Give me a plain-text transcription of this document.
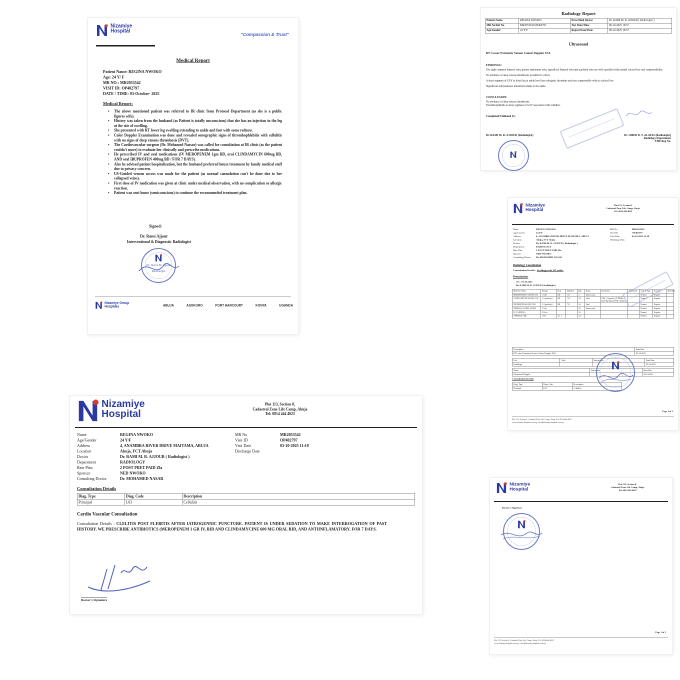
Nizamiye
Hospital
"Compassion & Trust"
Medical Report
Patient Name: REGINA NWOKO
Age: 24 Y/ F
MR NO.: MR2053542
VISIT ID: OP402797
DATE / TIME: 03-October- 2025
Medical Report:
• The above mentioned patient was referred to IR clinic from Protocol Department (as she is a public figures wife).
• History was taken from the husband (as Patient is totally unconscious) that she has an injection in the leg at the site of swelling.
• She presented with RT lower leg swelling extending to ankle and foot with some redness.
• Color Doppler Examination was done and revealed sonographic signs of thrombophlebitis with cellulitis with no signs of deep venous thrombosis (DVT).
• The Cardiovascular surgeon (Dr. Mohamed Nassar) was called for consultation at IR clinic (as the patient couldn't move) to evaluate her clinically and prescribe medications.
• He prescribed IV and oral medications (IV MEROPENEM 1gm BD, oral CLINDAMYCIN 600mg BD, AND oral IBUPROFEN 400mg BD / FOR 7 DAYS).
• Also he advised patient hospitalization, but the husband preferred house treatment by family medical staff due to privacy concern.
• US-Guided venous access was made for the patient (as normal cannulation can't be done due to her collapsed veins).
• First dose of IV medication was given at clinic under medical observation, with no complication or allergic reaction.
• Patient was sent home (semiconscious) to continue the recommended treatment plan.
Signed:
Dr. Rami Ajjour
Interventional & Diagnostic Radiologist
Dr. Rami M. Ajjour
Radiologist
Nizamiye Group
Hospitals	ABUJA ASOKORO PORT HARCOURT KONYA UGANDA
Radiology Report
Patient Name	REGINA NWOKO	Prescribed Doctor	Dr. RAMI M. R. AJJOUR ( Radiologist )
MR No/Ref No.	MR2053542/OP402797	Test Date/Time	06-10-2025 16:37
Age/Gender	24 Y/F	Report Date/Time	06-10-2025 16:37
Ultrasound
RT. Lower Extremity Venous Colour Doppler USS
FINDINGS:
The right common femoral vein, greater saphenous vein, superficial femoral vein and popliteal vein are well opacified with normal colour flow and compressibility.
No evidence of deep venous thrombosis proximal to calves.
A short segment of GSV at distal leg at ankle level has echogenic thrombus and non compressible with no colour flow.
Significant subcutaneous interstitial edema at the ankle.
CONCLUSION:
No evidence of deep venous thrombosis.
Thrombophlebitis at short segment of GSV associated with cellulitis.
Completed/Validated by:
Dr. RAMI M. R. AJJOUR (Radiologist)	Dr. OMER B. T. ALATAS (Radiologist)
Radiology Department
THE Reg No.
Nizamiye
Hospital
Plot 113, Section 8,
Cadastral Zone Life Camp, Abuja
Tel: 0814 444 4023
Name	REGINA NWOKO
Age/Gender	24 Y/F
Address	4, ANAMBRA RIVER DRIVE MAITAMA, ABUJA
Location	Abuja, FCT Abuja
Doctor	Dr. RAMI M. R. AJJOUR ( Radiologist )
Department	RADIOLOGY
Rate Plan	2 POST PRET PAID Zla
Sponsor	NED NWOKO
Consulting Doctor	Dr. MOHAMED NASAR
MR No	MR2053542
Visit ID	OP402797
Visit Date	03-10-2025 11:18
Discharge Date
Radiology Consultation
Consultation Details : Swelling in the RT ankle.
Prescriptions
Date: 03-10-2025
Dr. RAMI M. R. AJJOUR ( Radiologist )
Medicine Name	Dosage	Freq	Duration	Qty	Route	Instruction	Qty/Refill	Central Type	Remarks	Start/End
MEROPENEM 1 GM INJ (IV)	1 GM	BD	7 D	1	Intravenous			Normal	Regular	
CLINDAMYCIN 300 MG CAP	1 Capsules(s)	BD	7 D	14	Oral	USE 1 Capsule(s) 2 TIMES A DAY By ORAL FOR 7 Day(s)		Normal	Regular	
IBUPROFEN 400 MG TAB	1 Capsules(s)	BD	7 D	14	Oral			Normal	Regular	
NORMAL SALINE 100 ML	1 Vial			10	Intravenous			Normal	Regular	
IV CANNULA	1 Piece			10				Normal	Regular	
SYRINGE 5 ML	1 Pcs	T x 1		14				Normal	Regular	
Description	Start Date
RT Lower Extremity Venous Colour Doppler USS	03-10-2025
Lab	Code	Instructions	Start Date
Radiology			03-10-2025
Name	Instruction	Start Date
Ultrasound Doppler		03-10-2025
Consultation Details
Diag. Type	Diag. Code	Description
Principal	L03	Cellulitis
Page 1 of 1
Plot 113, Section 8, Cadastral Zone Life Camp, Abuja. Tel: 0814 444 4023
www.nizamiyehospital.com.ng - info@nizamiyehospital.com.ng
Nizamiye
Hospital
Plot 113, Section 8,
Cadastral Zone Life Camp, Abuja
Tel: 0814 444 4023
Name	REGINA NWOKO
Age/Gender	24 Y/F
Address	4, ANAMBRA RIVER DRIVE MAITAMA, ABUJA
Location	Abuja, FCT Abuja
Doctor	Dr. RAMI M. R. AJJOUR ( Radiologist )
Department	RADIOLOGY
Rate Plan	2 POST PRET PAID Zla
Sponsor	NED NWOKO
Consulting Doctor	Dr. MOHAMED NASAR
MR No	MR2053542
Visit ID	OP402797
Visit Date	03-10-2025 11:18
Discharge Date
Consultation Details
Diag. Type	Diag. Code	Description
Principal	L03	Cellulitis
Cardio Vascular Consultation
Consultation Details : CLELITIS POST FLEBITIS AFTER IATROGENNIC PUNCTURE. PATIENT IS UNDER SEDATION TO MAKE INTERROGATION OF PAST HISTORY. WE PRESCRIBE ANTIBIOTICS (MEROPENEM 1 GR IV, BID AND CLINDAMYCINE 600 MG ORAL BID, AND ANTIINFLAMATORY. FOR 7 DAYS.
Doctor's Signature
Nizamiye
Hospital
Plot 113, Section 8,
Cadastral Zone Life Camp, Abuja
Tel: 0814 444 4023
Doctor's Signature
Page 1 of 1
Plot 113, Section 8, Cadastral Zone Life Camp, Abuja. Tel: 0814 444 4023
www.nizamiyehospital.com.ng - info@nizamiyehospital.com.ng
